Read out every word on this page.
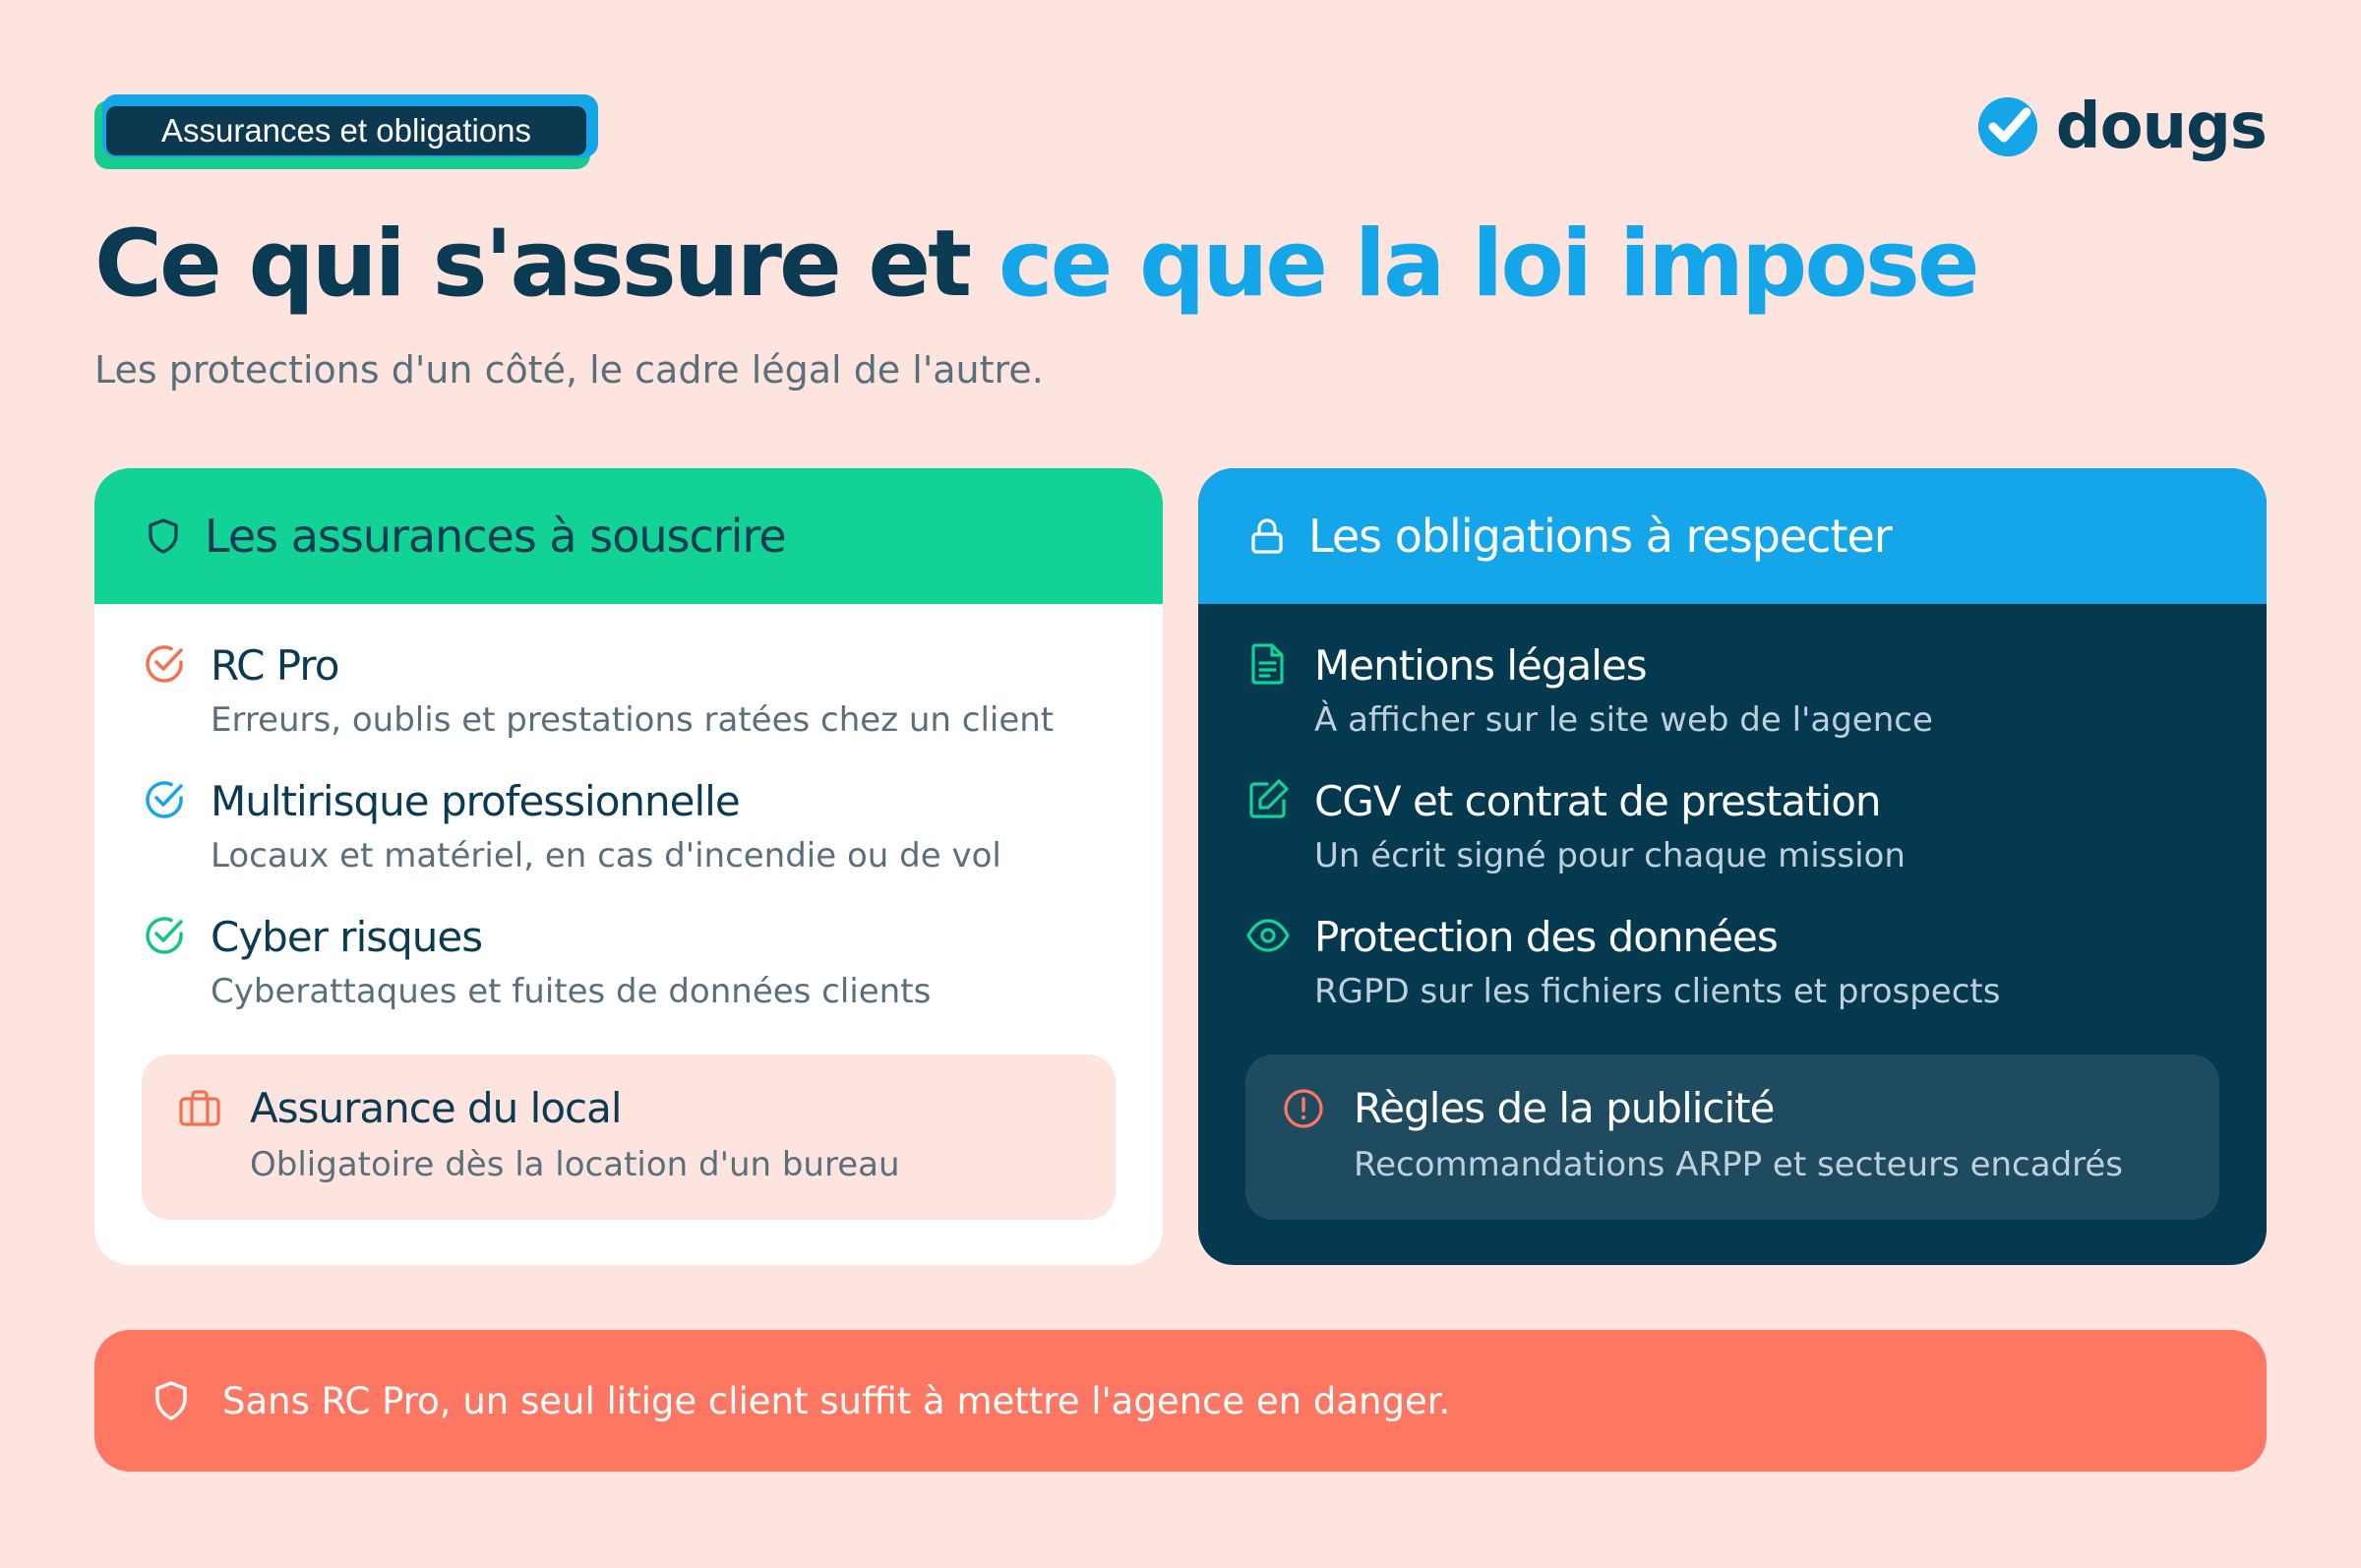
Assurances et obligations	dougs
Ce qui s'assure et ce que la loi impose

Les protections d'un côté, le cadre légal de l'autre.

Les assurances à souscrire
RC Pro
Erreurs, oublis et prestations ratées chez un client
Multirisque professionnelle
Locaux et matériel, en cas d'incendie ou de vol
Cyber risques
Cyberattaques et fuites de données clients
Assurance du local
Obligatoire dès la location d'un bureau
Les obligations à respecter
Mentions légales
À afficher sur le site web de l'agence
CGV et contrat de prestation
Un écrit signé pour chaque mission
Protection des données
RGPD sur les fichiers clients et prospects
Règles de la publicité
Recommandations ARPP et secteurs encadrés
Sans RC Pro, un seul litige client suffit à mettre l'agence en danger.
